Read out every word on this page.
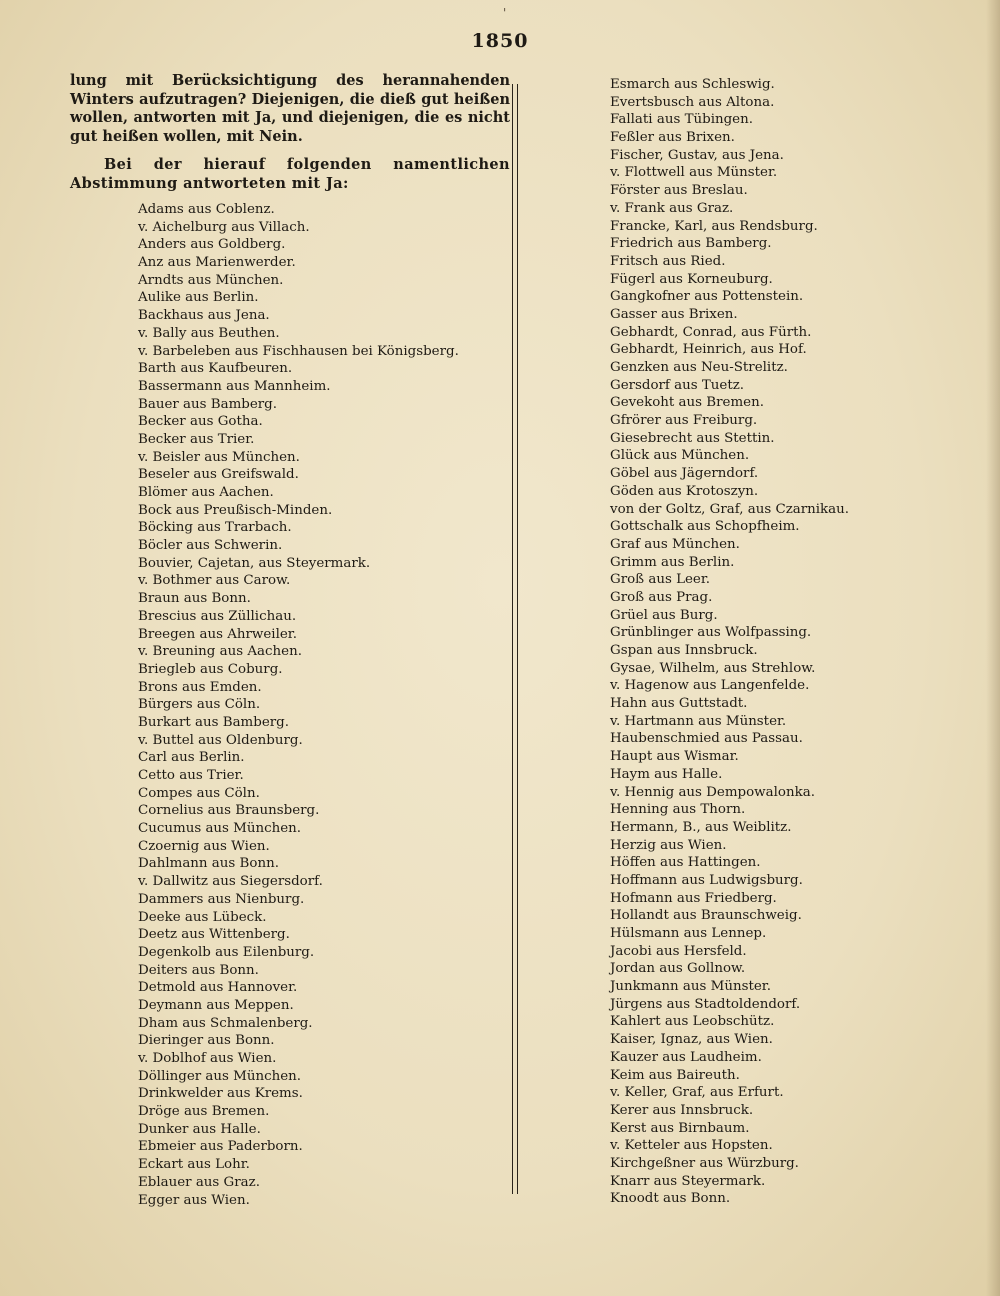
'
1850

lung mit Berücksichtigung des herannahenden Winters aufzutragen? Diejenigen, die dieß gut heißen wollen, antworten mit Ja, und diejenigen, die es nicht gut heißen wollen, mit Nein.

Bei der hierauf folgenden namentlichen Abstimmung antworteten mit Ja:

Adams aus Coblenz.
v. Aichelburg aus Villach.
Anders aus Goldberg.
Anz aus Marienwerder.
Arndts aus München.
Aulike aus Berlin.
Backhaus aus Jena.
v. Bally aus Beuthen.
v. Barbeleben aus Fischhausen bei Königsberg.
Barth aus Kaufbeuren.
Bassermann aus Mannheim.
Bauer aus Bamberg.
Becker aus Gotha.
Becker aus Trier.
v. Beisler aus München.
Beseler aus Greifswald.
Blömer aus Aachen.
Bock aus Preußisch-Minden.
Böcking aus Trarbach.
Böcler aus Schwerin.
Bouvier, Cajetan, aus Steyermark.
v. Bothmer aus Carow.
Braun aus Bonn.
Brescius aus Züllichau.
Breegen aus Ahrweiler.
v. Breuning aus Aachen.
Briegleb aus Coburg.
Brons aus Emden.
Bürgers aus Cöln.
Burkart aus Bamberg.
v. Buttel aus Oldenburg.
Carl aus Berlin.
Cetto aus Trier.
Compes aus Cöln.
Cornelius aus Braunsberg.
Cucumus aus München.
Czoernig aus Wien.
Dahlmann aus Bonn.
v. Dallwitz aus Siegersdorf.
Dammers aus Nienburg.
Deeke aus Lübeck.
Deetz aus Wittenberg.
Degenkolb aus Eilenburg.
Deiters aus Bonn.
Detmold aus Hannover.
Deymann aus Meppen.
Dham aus Schmalenberg.
Dieringer aus Bonn.
v. Doblhof aus Wien.
Döllinger aus München.
Drinkwelder aus Krems.
Dröge aus Bremen.
Dunker aus Halle.
Ebmeier aus Paderborn.
Eckart aus Lohr.
Eblauer aus Graz.
Egger aus Wien.
Esmarch aus Schleswig.
Evertsbusch aus Altona.
Fallati aus Tübingen.
Feßler aus Brixen.
Fischer, Gustav, aus Jena.
v. Flottwell aus Münster.
Förster aus Breslau.
v. Frank aus Graz.
Francke, Karl, aus Rendsburg.
Friedrich aus Bamberg.
Fritsch aus Ried.
Fügerl aus Korneuburg.
Gangkofner aus Pottenstein.
Gasser aus Brixen.
Gebhardt, Conrad, aus Fürth.
Gebhardt, Heinrich, aus Hof.
Genzken aus Neu-Strelitz.
Gersdorf aus Tuetz.
Gevekoht aus Bremen.
Gfrörer aus Freiburg.
Giesebrecht aus Stettin.
Glück aus München.
Göbel aus Jägerndorf.
Göden aus Krotoszyn.
von der Goltz, Graf, aus Czarnikau.
Gottschalk aus Schopfheim.
Graf aus München.
Grimm aus Berlin.
Groß aus Leer.
Groß aus Prag.
Grüel aus Burg.
Grünblinger aus Wolfpassing.
Gspan aus Innsbruck.
Gysae, Wilhelm, aus Strehlow.
v. Hagenow aus Langenfelde.
Hahn aus Guttstadt.
v. Hartmann aus Münster.
Haubenschmied aus Passau.
Haupt aus Wismar.
Haym aus Halle.
v. Hennig aus Dempowalonka.
Henning aus Thorn.
Hermann, B., aus Weiblitz.
Herzig aus Wien.
Höffen aus Hattingen.
Hoffmann aus Ludwigsburg.
Hofmann aus Friedberg.
Hollandt aus Braunschweig.
Hülsmann aus Lennep.
Jacobi aus Hersfeld.
Jordan aus Gollnow.
Junkmann aus Münster.
Jürgens aus Stadtoldendorf.
Kahlert aus Leobschütz.
Kaiser, Ignaz, aus Wien.
Kauzer aus Laudheim.
Keim aus Baireuth.
v. Keller, Graf, aus Erfurt.
Kerer aus Innsbruck.
Kerst aus Birnbaum.
v. Ketteler aus Hopsten.
Kirchgeßner aus Würzburg.
Knarr aus Steyermark.
Knoodt aus Bonn.
